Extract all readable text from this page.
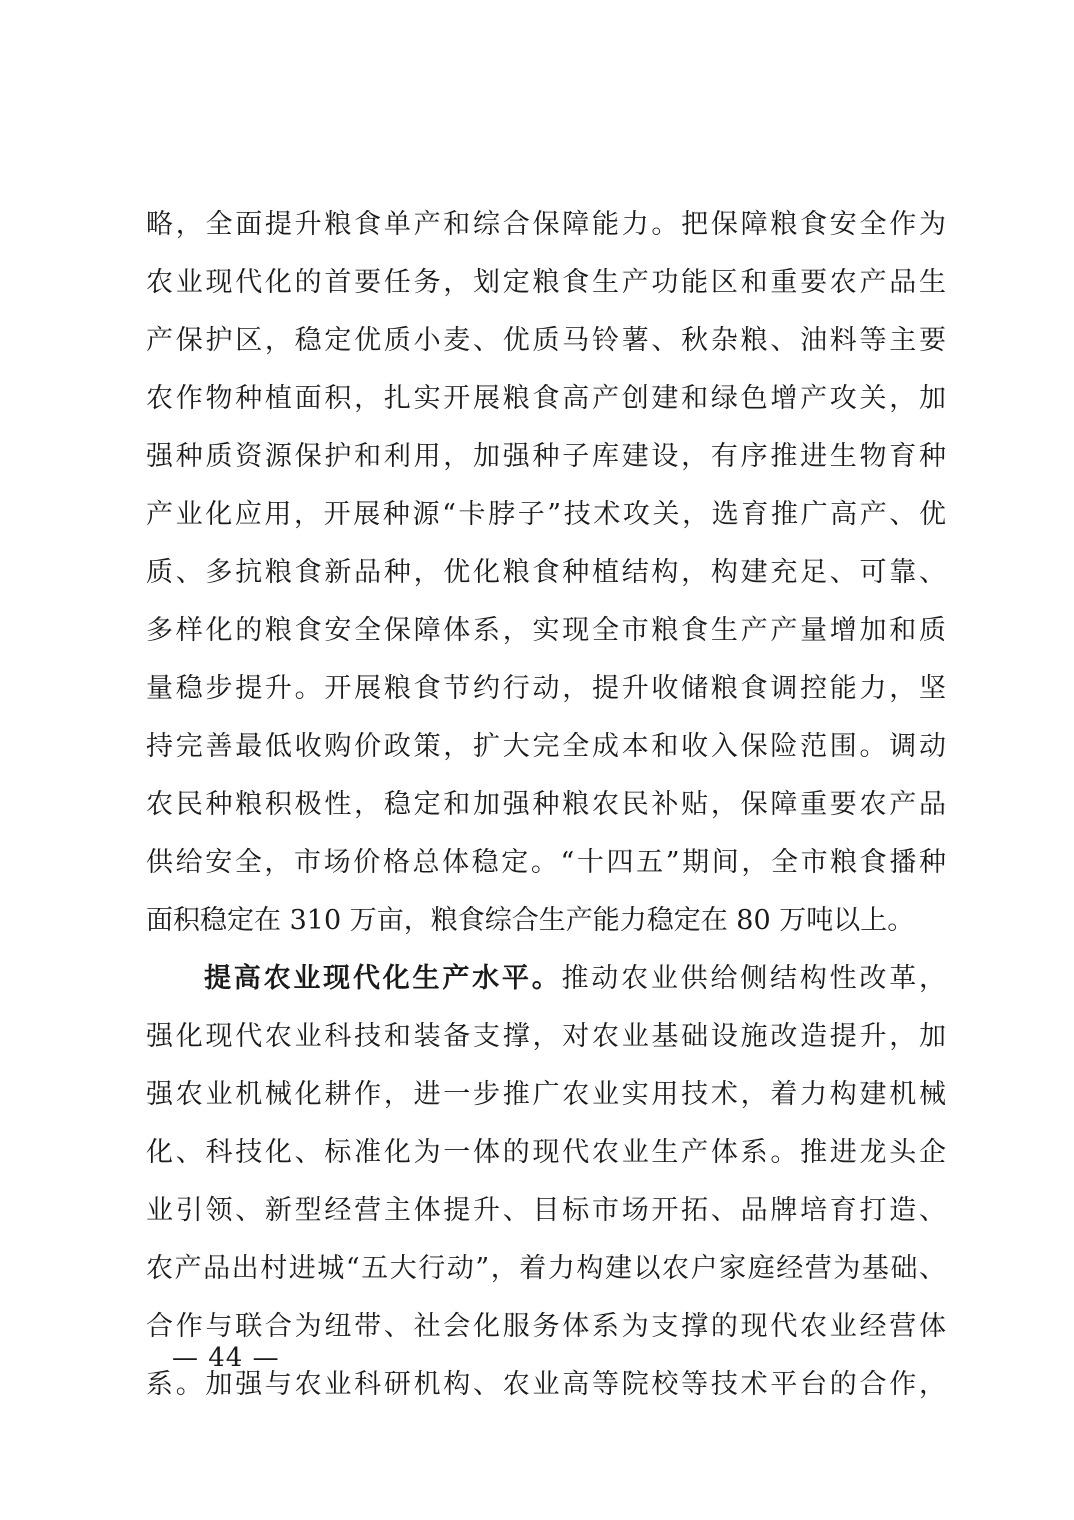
略，全面提升粮食单产和综合保障能力。把保障粮食安全作为
农业现代化的首要任务，划定粮食生产功能区和重要农产品生
产保护区，稳定优质小麦、优质马铃薯、秋杂粮、油料等主要
农作物种植面积，扎实开展粮食高产创建和绿色增产攻关，加
强种质资源保护和利用，加强种子库建设，有序推进生物育种
产业化应用，开展种源“卡脖子”技术攻关，选育推广高产、优
质、多抗粮食新品种，优化粮食种植结构，构建充足、可靠、
多样化的粮食安全保障体系，实现全市粮食生产产量增加和质
量稳步提升。开展粮食节约行动，提升收储粮食调控能力，坚
持完善最低收购价政策，扩大完全成本和收入保险范围。调动
农民种粮积极性，稳定和加强种粮农民补贴，保障重要农产品
供给安全，市场价格总体稳定。“十四五”期间，全市粮食播种
面积稳定在 310 万亩，粮食综合生产能力稳定在 80 万吨以上。
提高农业现代化生产水平。推动农业供给侧结构性改革，
强化现代农业科技和装备支撑，对农业基础设施改造提升，加
强农业机械化耕作，进一步推广农业实用技术，着力构建机械
化、科技化、标准化为一体的现代农业生产体系。推进龙头企
业引领、新型经营主体提升、目标市场开拓、品牌培育打造、
农产品出村进城“五大行动”，着力构建以农户家庭经营为基础、
合作与联合为纽带、社会化服务体系为支撑的现代农业经营体
系。加强与农业科研机构、农业高等院校等技术平台的合作，
— 44 —
